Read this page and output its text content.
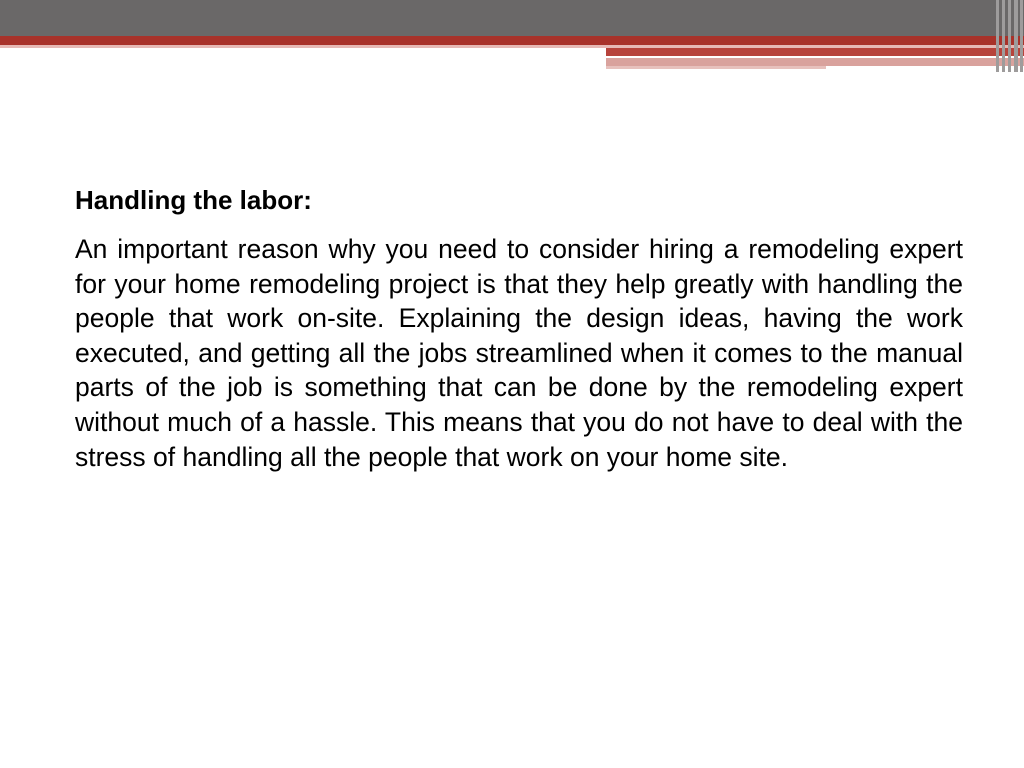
Handling the labor:

An important reason why you need to consider hiring a remodeling expert for your home remodeling project is that they help greatly with handling the people that work on-site. Explaining the design ideas, having the work executed, and getting all the jobs streamlined when it comes to the manual parts of the job is something that can be done by the remodeling expert without much of a hassle. This means that you do not have to deal with the stress of handling all the people that work on your home site.
